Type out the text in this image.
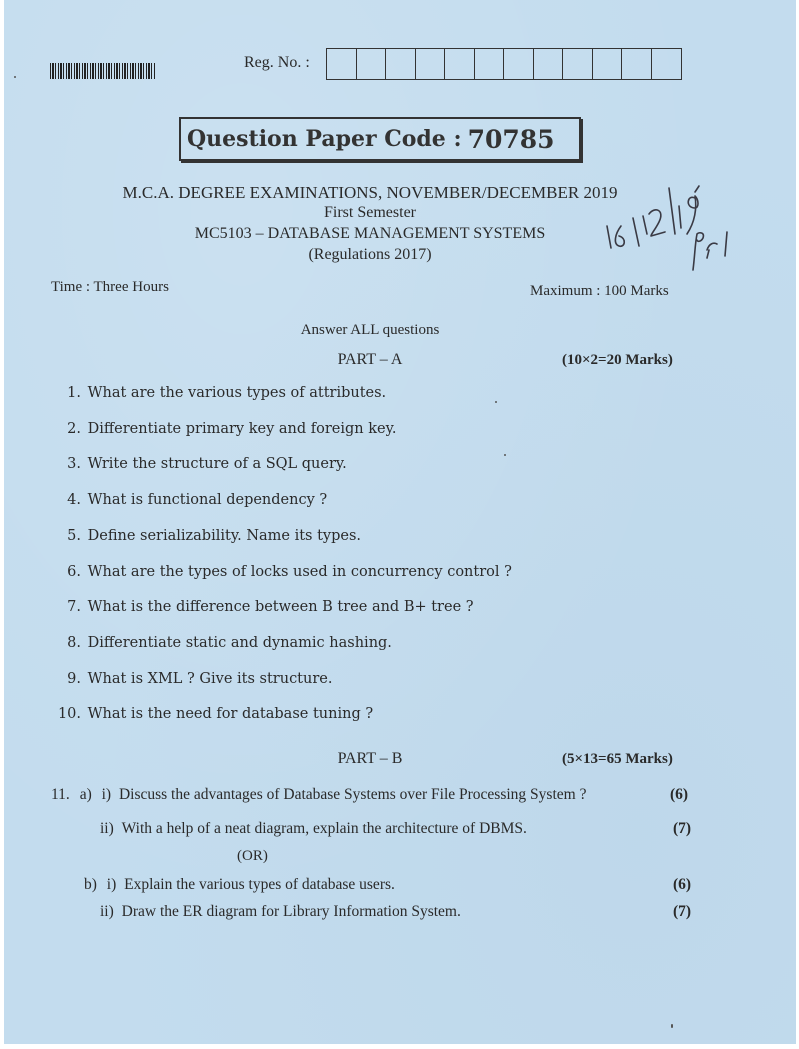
Reg. No. :
Question Paper Code : 70785
M.C.A. DEGREE EXAMINATIONS, NOVEMBER/DECEMBER 2019
First Semester
MC5103 – DATABASE MANAGEMENT SYSTEMS
(Regulations 2017)
Time : Three Hours	Maximum : 100 Marks
Answer ALL questions
PART – A	(10×2=20 Marks)
1. What are the various types of attributes.
2. Differentiate primary key and foreign key.
3. Write the structure of a SQL query.
4. What is functional dependency ?
5. Define serializability. Name its types.
6. What are the types of locks used in concurrency control ?
7. What is the difference between B tree and B+ tree ?
8. Differentiate static and dynamic hashing.
9. What is XML ? Give its structure.
10. What is the need for database tuning ?
PART – B	(5×13=65 Marks)
11. a) i) Discuss the advantages of Database Systems over File Processing System ?	(6)
ii) With a help of a neat diagram, explain the architecture of DBMS.	(7)
(OR)
b) i) Explain the various types of database users.	(6)
ii) Draw the ER diagram for Library Information System.	(7)
